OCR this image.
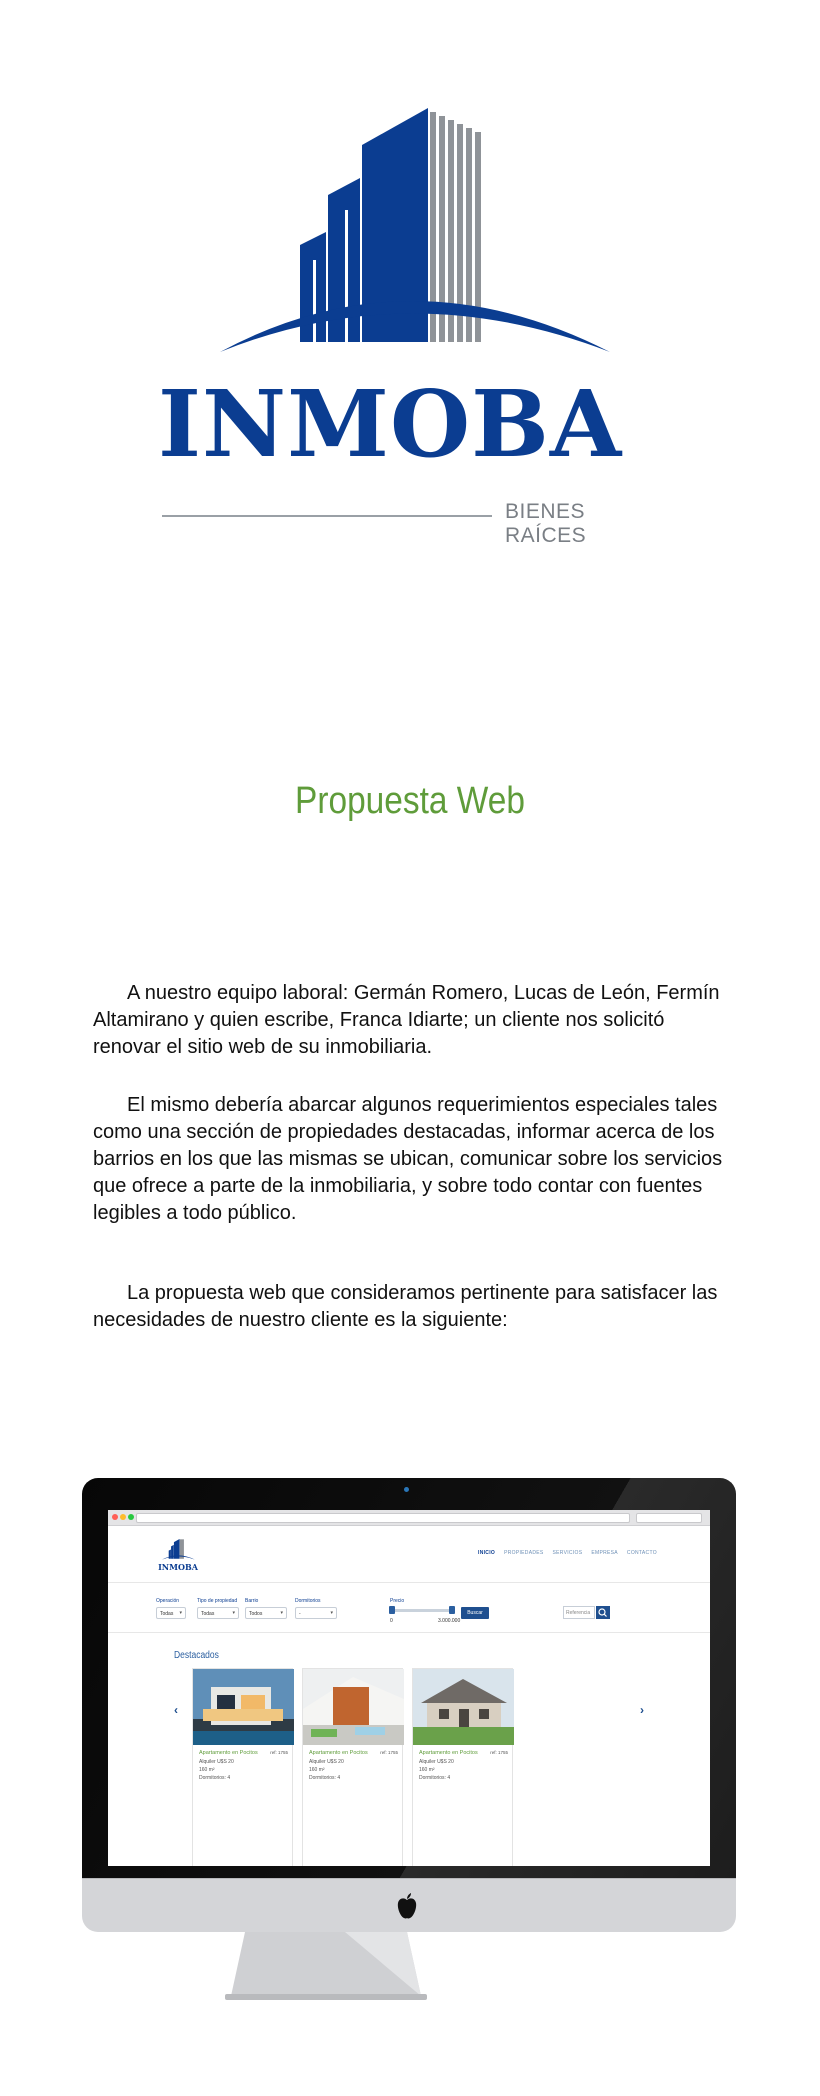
INMOBA
BIENES RAÍCES
Propuesta Web

A nuestro equipo laboral: Germán Romero, Lucas de León, Fermín Altamirano y quien escribe, Franca Idiarte; un cliente nos solicitó renovar el sitio web de su inmobiliaria.

El mismo debería abarcar algunos requerimientos especiales tales como una sección de propiedades destacadas, informar acerca de los barrios en los que las mismas se ubican, comunicar sobre los servicios que ofrece a parte de la inmobiliaria, y sobre todo contar con fuentes legibles a todo público.

La propuesta web que consideramos pertinente para satisfacer las necesidades de nuestro cliente es la siguiente:

INMOBA
INICIO PROPIEDADES SERVICIOS EMPRESA CONTACTO
Operación
Todas ▾
Tipo de propiedad
Todas	▾
Barrio
Todos	▾
Dormitorios
-	▾
Precio
0	3.000.000
Buscar	Referencia
Destacados
‹	›
Apartamento en Pocitos	ref: 1755
Alquiler U$S 20
160 m²
Dormitorios: 4
Apartamento en Pocitos	ref: 1755
Alquiler U$S 20
160 m²
Dormitorios: 4
Apartamento en Pocitos	ref: 1755
Alquiler U$S 20
160 m²
Dormitorios: 4
